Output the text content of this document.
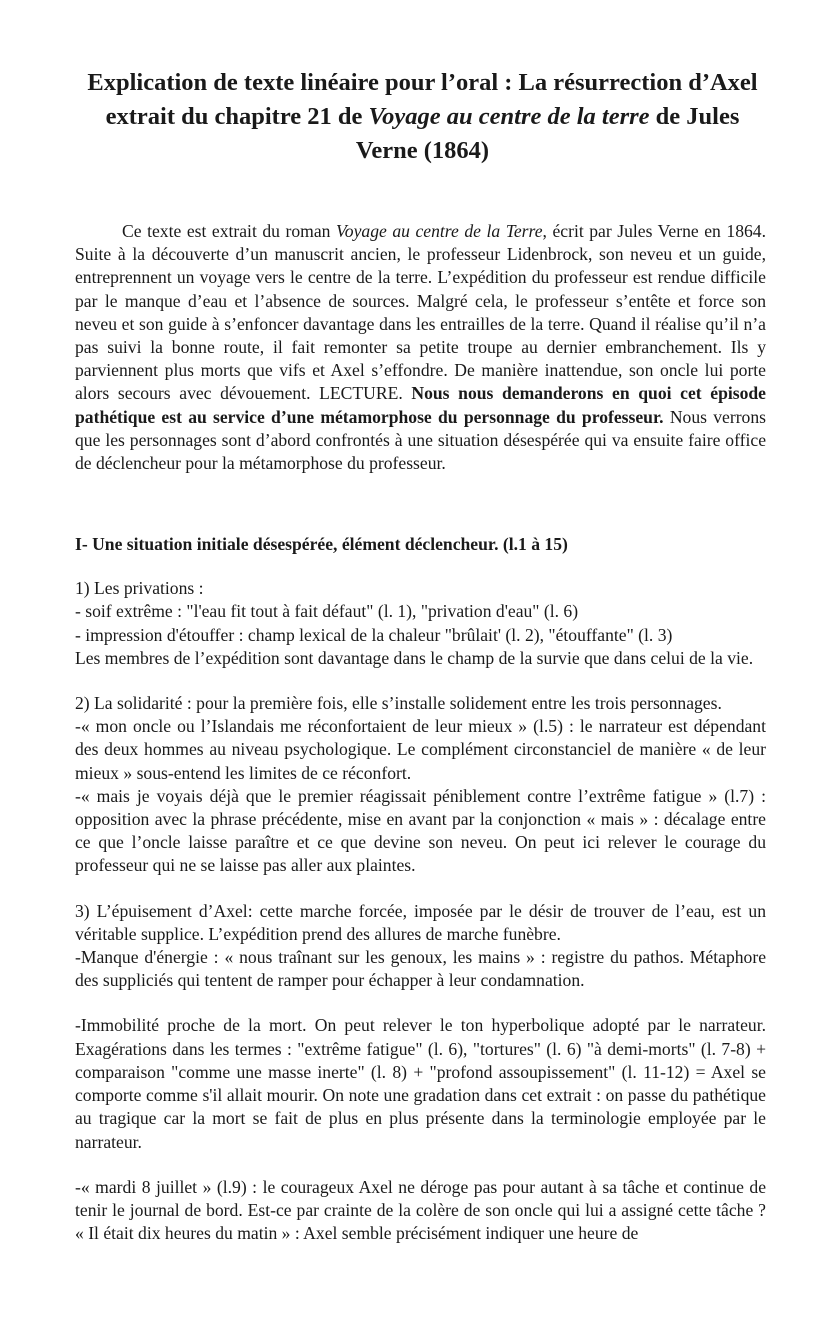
Explication de texte linéaire pour l’oral : La résurrection d’Axel
extrait du chapitre 21 de Voyage au centre de la terre de Jules
Verne (1864)

Ce texte est extrait du roman Voyage au centre de la Terre, écrit par Jules Verne en 1864. Suite à la découverte d’un manuscrit ancien, le professeur Lidenbrock, son neveu et un guide, entreprennent un voyage vers le centre de la terre. L’expédition du professeur est rendue difficile par le manque d’eau et l’absence de sources. Malgré cela, le professeur s’entête et force son neveu et son guide à s’enfoncer davantage dans les entrailles de la terre. Quand il réalise qu’il n’a pas suivi la bonne route, il fait remonter sa petite troupe au dernier embranchement. Ils y parviennent plus morts que vifs et Axel s’effondre. De manière inattendue, son oncle lui porte alors secours avec dévouement. LECTURE. Nous nous demanderons en quoi cet épisode pathétique est au service d’une métamorphose du personnage du professeur. Nous verrons que les personnages sont d’abord confrontés à une situation désespérée qui va ensuite faire office de déclencheur pour la métamorphose du professeur.

I- Une situation initiale désespérée, élément déclencheur. (l.1 à 15)

1) Les privations :

- soif extrême : "l'eau fit tout à fait défaut" (l. 1), "privation d'eau" (l. 6)

- impression d'étouffer : champ lexical de la chaleur "brûlait' (l. 2), "étouffante" (l. 3)

Les membres de l’expédition sont davantage dans le champ de la survie que dans celui de la vie.

2) La solidarité : pour la première fois, elle s’installe solidement entre les trois personnages.

-« mon oncle ou l’Islandais me réconfortaient de leur mieux » (l.5) : le narrateur est dépendant des deux hommes au niveau psychologique. Le complément circonstanciel de manière « de leur mieux » sous-entend les limites de ce réconfort.

-« mais je voyais déjà que le premier réagissait péniblement contre l’extrême fatigue » (l.7) : opposition avec la phrase précédente, mise en avant par la conjonction « mais » : décalage entre ce que l’oncle laisse paraître et ce que devine son neveu. On peut ici relever le courage du professeur qui ne se laisse pas aller aux plaintes.

3) L’épuisement d’Axel: cette marche forcée, imposée par le désir de trouver de l’eau, est un véritable supplice. L’expédition prend des allures de marche funèbre.

-Manque d'énergie : « nous traînant sur les genoux, les mains » : registre du pathos. Métaphore des suppliciés qui tentent de ramper pour échapper à leur condamnation.

-Immobilité proche de la mort. On peut relever le ton hyperbolique adopté par le narrateur. Exagérations dans les termes : "extrême fatigue" (l. 6), "tortures" (l. 6) "à demi-morts" (l. 7-8) + comparaison "comme une masse inerte" (l. 8) + "profond assoupissement" (l. 11-12) = Axel se comporte comme s'il allait mourir. On note une gradation dans cet extrait : on passe du pathétique au tragique car la mort se fait de plus en plus présente dans la terminologie employée par le narrateur.

-« mardi 8 juillet » (l.9) : le courageux Axel ne déroge pas pour autant à sa tâche et continue de tenir le journal de bord. Est-ce par crainte de la colère de son oncle qui lui a assigné cette tâche ? « Il était dix heures du matin » : Axel semble précisément indiquer une heure de
